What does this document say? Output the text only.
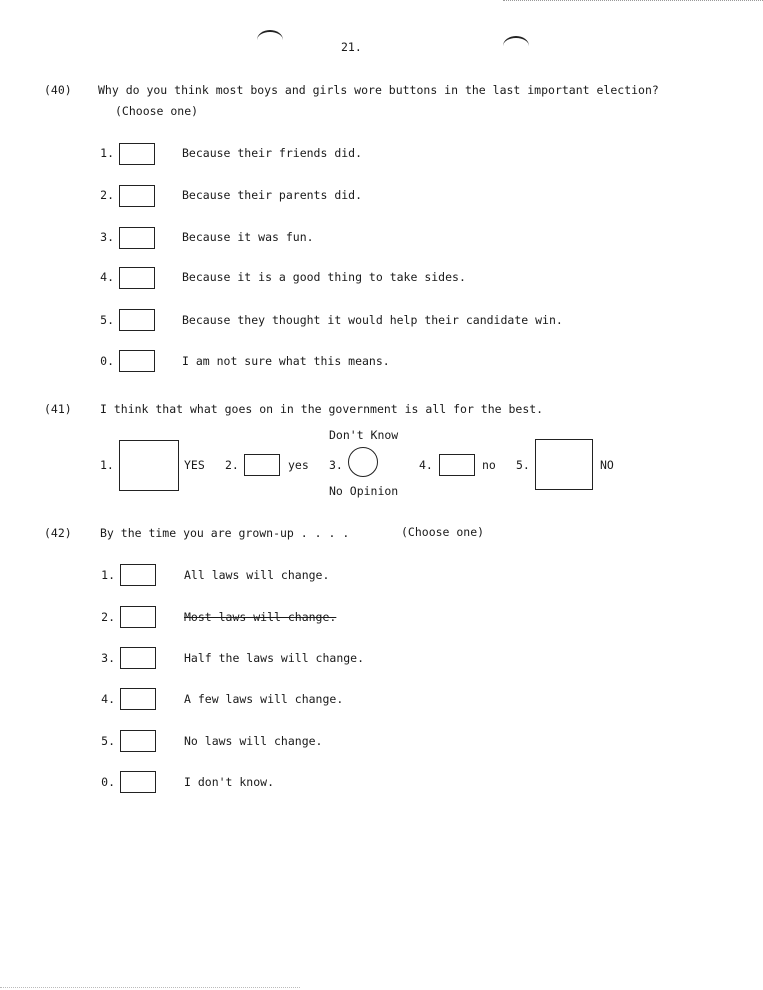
21.
(40) Why do you think most boys and girls wore buttons in the last important election?
(Choose one)
1.	Because their friends did.
2.	Because their parents did.
3.	Because it was fun.
4.	Because it is a good thing to take sides.
5.	Because they thought it would help their candidate win.
0.	I am not sure what this means.
(41) I think that what goes on in the government is all for the best.
1.	YES 2.	yes
Don't Know
3.
No Opinion
4.	no 5.	NO
(42) By the time you are grown-up . . . .	(Choose one)
1.	All laws will change.
2.	Most laws will change.
3.	Half the laws will change.
4.	A few laws will change.
5.	No laws will change.
0.	I don't know.
